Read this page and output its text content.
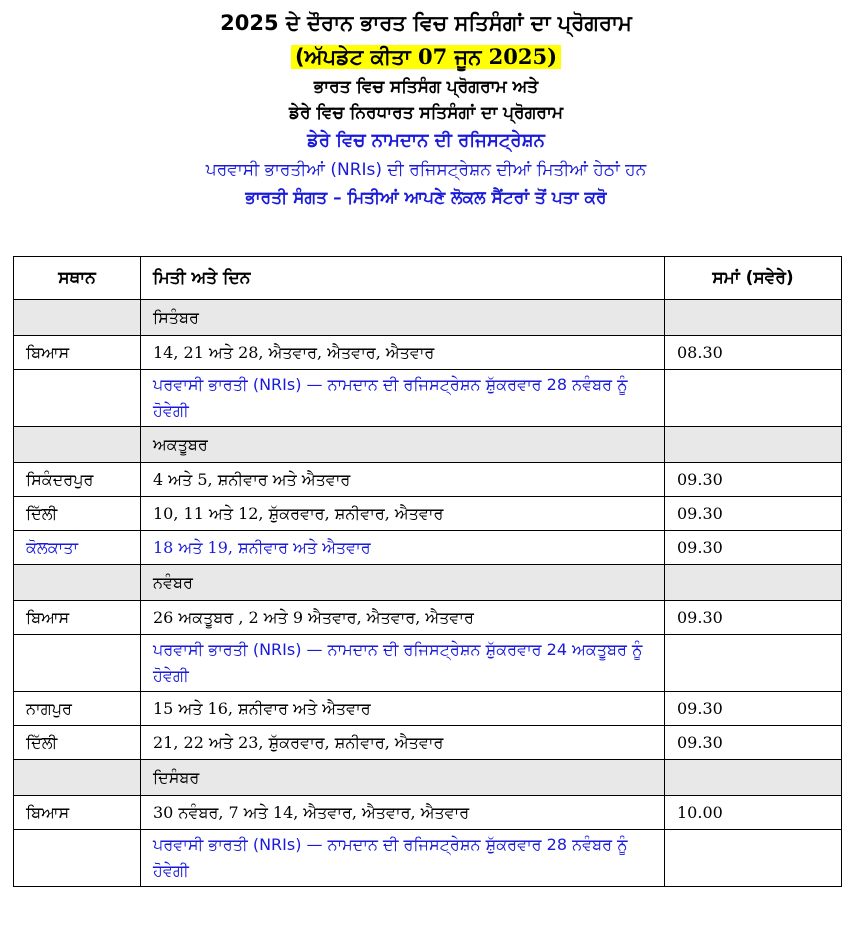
2025 ਦੇ ਦੌਰਾਨ ਭਾਰਤ ਵਿਚ ਸਤਿਸੰਗਾਂ ਦਾ ਪ੍ਰੋਗਰਾਮ
(ਅੱਪਡੇਟ ਕੀਤਾ 07 ਜੂਨ 2025)
ਭਾਰਤ ਵਿਚ ਸਤਿਸੰਗ ਪ੍ਰੋਗਰਾਮ ਅਤੇ
ਡੇਰੇ ਵਿਚ ਨਿਰਧਾਰਤ ਸਤਿਸੰਗਾਂ ਦਾ ਪ੍ਰੋਗਰਾਮ
ਡੇਰੇ ਵਿਚ ਨਾਮਦਾਨ ਦੀ ਰਜਿਸਟ੍ਰੇਸ਼ਨ
ਪਰਵਾਸੀ ਭਾਰਤੀਆਂ (NRIs) ਦੀ ਰਜਿਸਟ੍ਰੇਸ਼ਨ ਦੀਆਂ ਮਿਤੀਆਂ ਹੇਠਾਂ ਹਨ
ਭਾਰਤੀ ਸੰਗਤ – ਮਿਤੀਆਂ ਆਪਣੇ ਲੋਕਲ ਸੈਂਟਰਾਂ ਤੋਂ ਪਤਾ ਕਰੋ
ਸਥਾਨ	ਮਿਤੀ ਅਤੇ ਦਿਨ	ਸਮਾਂ (ਸਵੇਰੇ)
	ਸਿਤੰਬਰ	
ਬਿਆਸ	14, 21 ਅਤੇ 28, ਐਤਵਾਰ, ਐਤਵਾਰ, ਐਤਵਾਰ	08.30
	ਪਰਵਾਸੀ ਭਾਰਤੀ (NRIs) — ਨਾਮਦਾਨ ਦੀ ਰਜਿਸਟ੍ਰੇਸ਼ਨ ਸ਼ੁੱਕਰਵਾਰ 28 ਨਵੰਬਰ ਨੂੰ ਹੋਵੇਗੀ	
	ਅਕਤੂਬਰ	
ਸਿਕੰਦਰਪੁਰ	4 ਅਤੇ 5, ਸ਼ਨੀਵਾਰ ਅਤੇ ਐਤਵਾਰ	09.30
ਦਿੱਲੀ	10, 11 ਅਤੇ 12, ਸ਼ੁੱਕਰਵਾਰ, ਸ਼ਨੀਵਾਰ, ਐਤਵਾਰ	09.30
ਕੋਲਕਾਤਾ	18 ਅਤੇ 19, ਸ਼ਨੀਵਾਰ ਅਤੇ ਐਤਵਾਰ	09.30
	ਨਵੰਬਰ	
ਬਿਆਸ	26 ਅਕਤੂਬਰ , 2 ਅਤੇ 9 ਐਤਵਾਰ, ਐਤਵਾਰ, ਐਤਵਾਰ	09.30
	ਪਰਵਾਸੀ ਭਾਰਤੀ (NRIs) — ਨਾਮਦਾਨ ਦੀ ਰਜਿਸਟ੍ਰੇਸ਼ਨ ਸ਼ੁੱਕਰਵਾਰ 24 ਅਕਤੂਬਰ ਨੂੰ ਹੋਵੇਗੀ	
ਨਾਗਪੁਰ	15 ਅਤੇ 16, ਸ਼ਨੀਵਾਰ ਅਤੇ ਐਤਵਾਰ	09.30
ਦਿੱਲੀ	21, 22 ਅਤੇ 23, ਸ਼ੁੱਕਰਵਾਰ, ਸ਼ਨੀਵਾਰ, ਐਤਵਾਰ	09.30
	ਦਿਸੰਬਰ	
ਬਿਆਸ	30 ਨਵੰਬਰ, 7 ਅਤੇ 14, ਐਤਵਾਰ, ਐਤਵਾਰ, ਐਤਵਾਰ	10.00
	ਪਰਵਾਸੀ ਭਾਰਤੀ (NRIs) — ਨਾਮਦਾਨ ਦੀ ਰਜਿਸਟ੍ਰੇਸ਼ਨ ਸ਼ੁੱਕਰਵਾਰ 28 ਨਵੰਬਰ ਨੂੰ ਹੋਵੇਗੀ	
